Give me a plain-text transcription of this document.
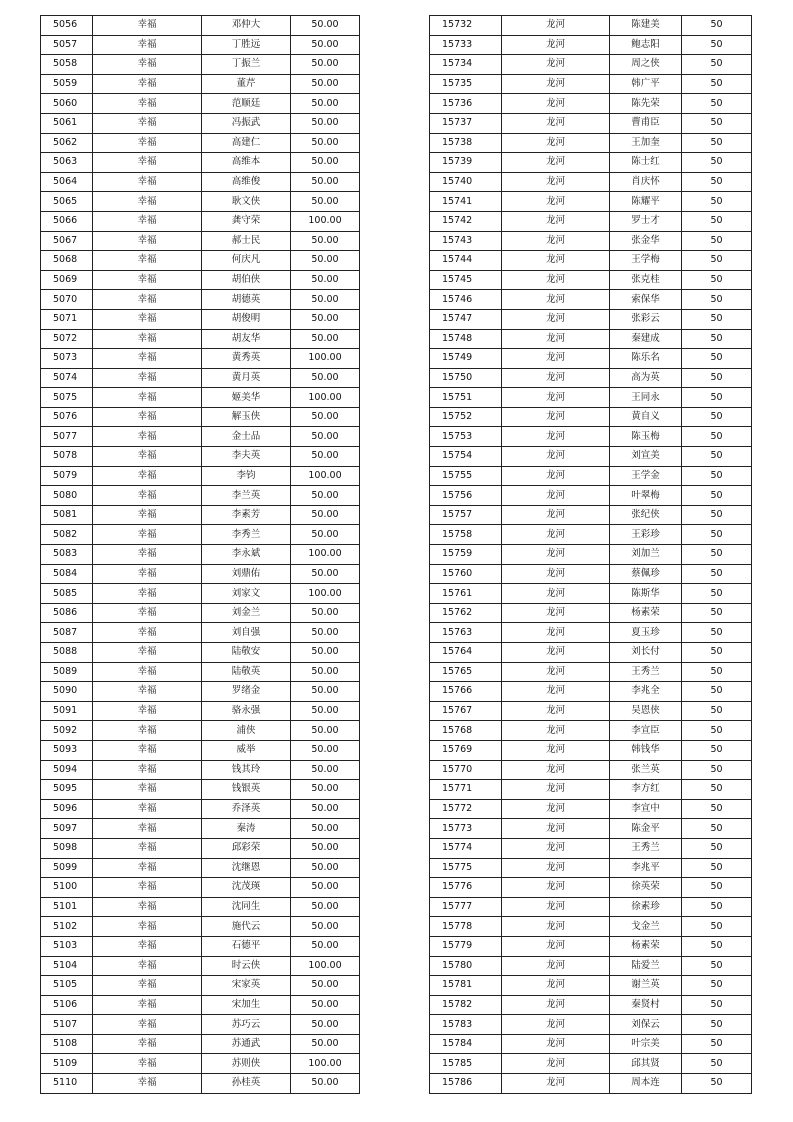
5056	幸福	邓仲大	50.00
5057	幸福	丁胜远	50.00
5058	幸福	丁振兰	50.00
5059	幸福	董芹	50.00
5060	幸福	范顺廷	50.00
5061	幸福	冯振武	50.00
5062	幸福	高建仁	50.00
5063	幸福	高维本	50.00
5064	幸福	高维俊	50.00
5065	幸福	耿文侠	50.00
5066	幸福	龚守荣	100.00
5067	幸福	郝士民	50.00
5068	幸福	何庆凡	50.00
5069	幸福	胡伯侠	50.00
5070	幸福	胡德英	50.00
5071	幸福	胡俊明	50.00
5072	幸福	胡友华	50.00
5073	幸福	黄秀英	100.00
5074	幸福	黄月英	50.00
5075	幸福	姬美华	100.00
5076	幸福	解玉侠	50.00
5077	幸福	金士品	50.00
5078	幸福	李夫英	50.00
5079	幸福	李钧	100.00
5080	幸福	李兰英	50.00
5081	幸福	李素芳	50.00
5082	幸福	李秀兰	50.00
5083	幸福	李永斌	100.00
5084	幸福	刘鼎佑	50.00
5085	幸福	刘家文	100.00
5086	幸福	刘金兰	50.00
5087	幸福	刘自强	50.00
5088	幸福	陆敬安	50.00
5089	幸福	陆敬英	50.00
5090	幸福	罗绪金	50.00
5091	幸福	骆永强	50.00
5092	幸福	浦侠	50.00
5093	幸福	威举	50.00
5094	幸福	钱其玲	50.00
5095	幸福	钱银英	50.00
5096	幸福	乔泽英	50.00
5097	幸福	秦涛	50.00
5098	幸福	邱彩荣	50.00
5099	幸福	沈继恩	50.00
5100	幸福	沈茂瑛	50.00
5101	幸福	沈同生	50.00
5102	幸福	施代云	50.00
5103	幸福	石德平	50.00
5104	幸福	时云侠	100.00
5105	幸福	宋家英	50.00
5106	幸福	宋加生	50.00
5107	幸福	苏巧云	50.00
5108	幸福	苏通武	50.00
5109	幸福	苏则侠	100.00
5110	幸福	孙桂英	50.00
15732	龙河	陈建美	50
15733	龙河	鲍志阳	50
15734	龙河	周之侠	50
15735	龙河	韩广平	50
15736	龙河	陈先荣	50
15737	龙河	曹甫臣	50
15738	龙河	王加奎	50
15739	龙河	陈士红	50
15740	龙河	肖庆怀	50
15741	龙河	陈耀平	50
15742	龙河	罗士才	50
15743	龙河	张金华	50
15744	龙河	王学梅	50
15745	龙河	张克桂	50
15746	龙河	索保华	50
15747	龙河	张彩云	50
15748	龙河	秦建成	50
15749	龙河	陈乐名	50
15750	龙河	高为英	50
15751	龙河	王同永	50
15752	龙河	黄自义	50
15753	龙河	陈玉梅	50
15754	龙河	刘宣美	50
15755	龙河	王学金	50
15756	龙河	叶翠梅	50
15757	龙河	张纪侠	50
15758	龙河	王彩珍	50
15759	龙河	刘加兰	50
15760	龙河	蔡佩珍	50
15761	龙河	陈斯华	50
15762	龙河	杨素荣	50
15763	龙河	夏玉珍	50
15764	龙河	刘长付	50
15765	龙河	王秀兰	50
15766	龙河	李兆全	50
15767	龙河	吴恩侠	50
15768	龙河	李宣臣	50
15769	龙河	韩钱华	50
15770	龙河	张兰英	50
15771	龙河	李方红	50
15772	龙河	李宣中	50
15773	龙河	陈金平	50
15774	龙河	王秀兰	50
15775	龙河	李兆平	50
15776	龙河	徐英荣	50
15777	龙河	徐素珍	50
15778	龙河	戈金兰	50
15779	龙河	杨素荣	50
15780	龙河	陆爱兰	50
15781	龙河	谢兰英	50
15782	龙河	秦贤村	50
15783	龙河	刘保云	50
15784	龙河	叶宗美	50
15785	龙河	邱其贤	50
15786	龙河	周本连	50
